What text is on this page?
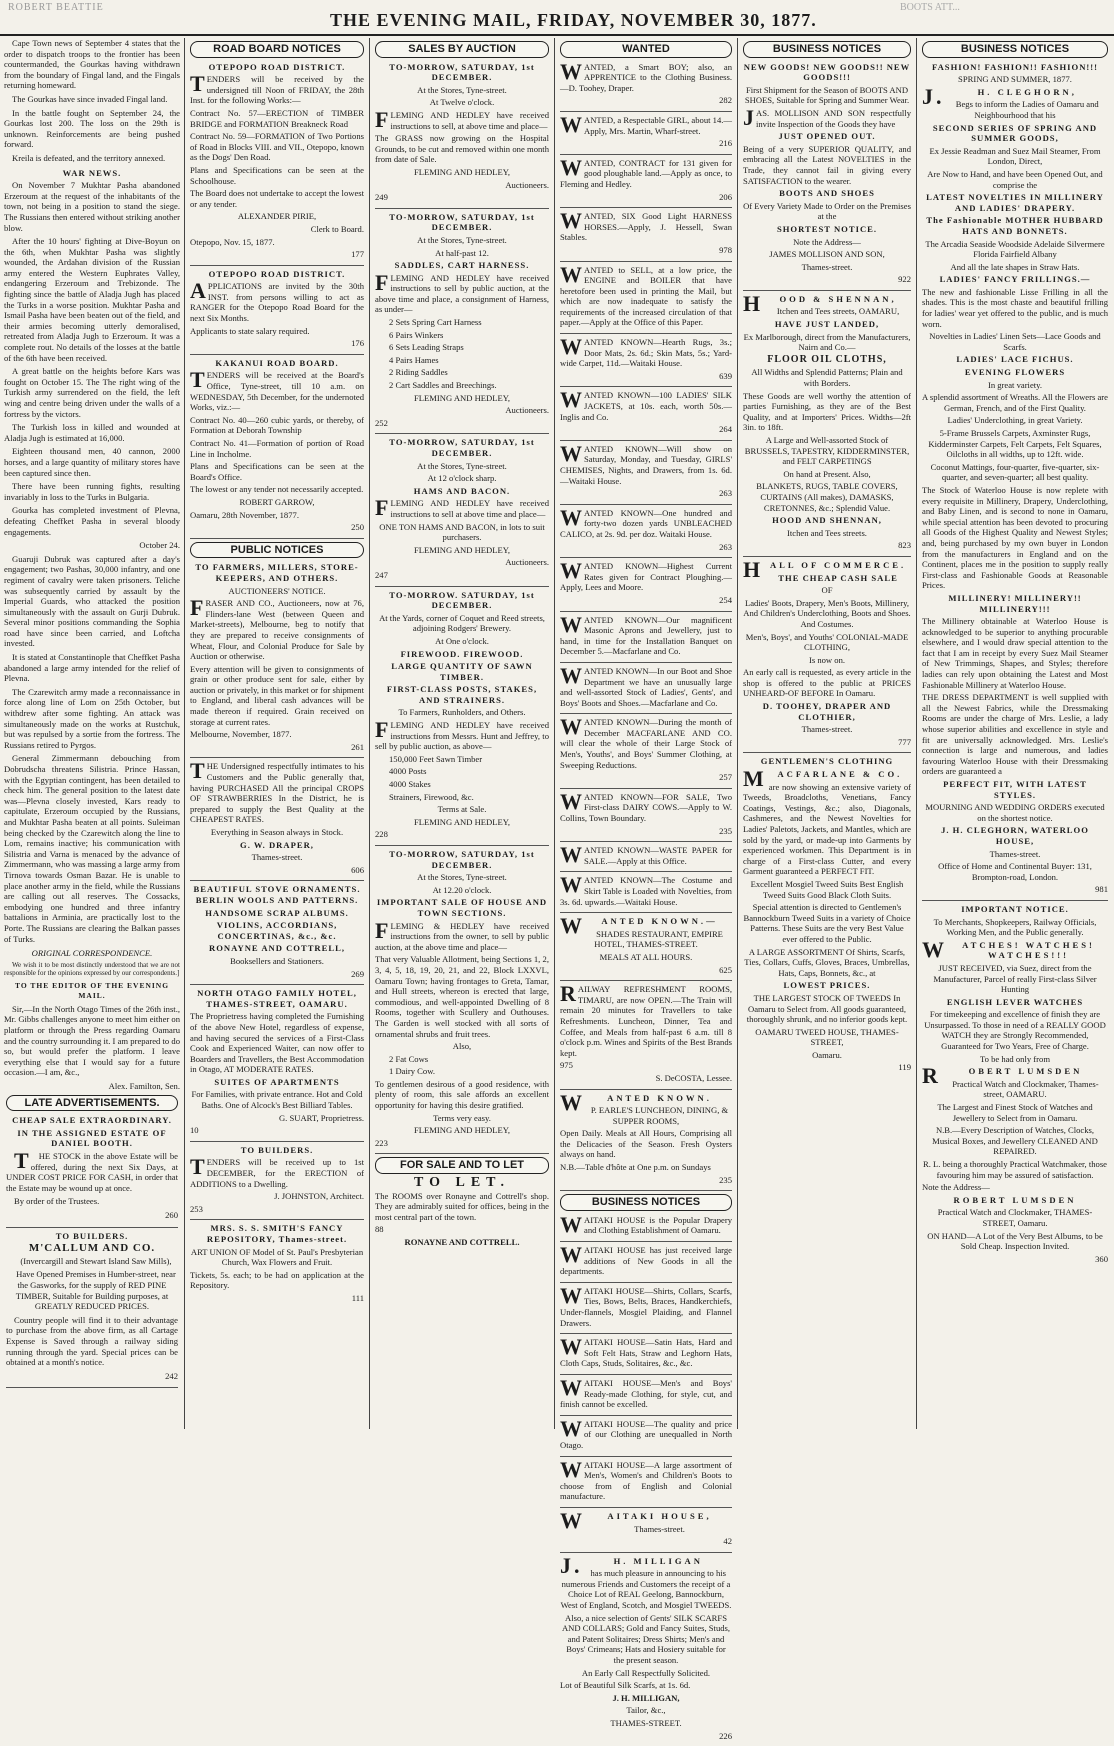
ROBERT BEATTIE
THE EVENING MAIL, FRIDAY, NOVEMBER 30, 1877.
BOOTS ATT...

Cape Town news of September 4 states that the order to dispatch troops to the frontier has been countermanded, the Gourkas having withdrawn from the boundary of Fingal land, and the Fingals returning homeward.

The Gourkas have since invaded Fingal land.

In the battle fought on September 24, the Gourkas lost 200. The loss on the 29th is unknown. Reinforcements are being pushed forward.

Kreila is defeated, and the territory annexed.

WAR NEWS.

On November 7 Mukhtar Pasha abandoned Erzeroum at the request of the inhabitants of the town, not being in a position to stand the siege. The Russians then entered without striking another blow.

After the 10 hours' fighting at Dive-Boyun on the 6th, when Mukhtar Pasha was slightly wounded, the Ardahan division of the Russian army entered the Western Euphrates Valley, endangering Erzeroum and Trebizonde. The fighting since the battle of Aladja Jugh has placed the Turks in a worse position. Mukhtar Pasha and Ismail Pasha have been beaten out of the field, and their armies becoming utterly demoralised, retreated from Aladja Jugh to Erzeroum. It was a complete rout. No details of the losses at the battle of the 6th have been received.

A great battle on the heights before Kars was fought on October 15. The The right wing of the Turkish army surrendered on the field, the left wing and centre being driven under the walls of a fortress by the victors.

The Turkish loss in killed and wounded at Aladja Jugh is estimated at 16,000.

Eighteen thousand men, 40 cannon, 2000 horses, and a large quantity of military stores have been captured since then.

There have been running fights, resulting invariably in loss to the Turks in Bulgaria.

Gourka has completed investment of Plevna, defeating Cheffket Pasha in several bloody engagements.

October 24.

Guaruji Dubruk was captured after a day's engagement; two Pashas, 30,000 infantry, and one regiment of cavalry were taken prisoners. Teliche was subsequently carried by assault by the Imperial Guards, who attacked the position simultaneously with the assault on Gurji Dubruk. Several minor positions commanding the Sophia road have since been carried, and Loftcha invested.

It is stated at Constantinople that Cheffket Pasha abandoned a large army intended for the relief of Plevna.

The Czarewitch army made a reconnaissance in force along line of Lom on 25th October, but withdrew after some fighting. An attack was simultaneously made on the works at Rustchuk, but was repulsed by a sortie from the fortress. The Russians retired to Pyrgos.

General Zimmermann debouching from Dobrudscha threatens Silistria. Prince Hassan, with the Egyptian contingent, has been detailed to check him. The general position to the latest date was—Plevna closely invested, Kars ready to capitulate, Erzeroum occupied by the Russians, and Mukhtar Pasha beaten at all points. Suleiman being checked by the Czarewitch along the line to Lom, remains inactive; his communication with Silistria and Varna is menaced by the advance of Zimmermann, who was massing a large army from Tirnova towards Osman Bazar. He is unable to place another army in the field, while the Russians are calling out all reserves. The Cossacks, embodying one hundred and three infantry battalions in Arminia, are practically lost to the Porte. The Russians are clearing the Balkan passes of Turks.

ORIGINAL CORRESPONDENCE.

We wish it to be most distinctly understood that we are not responsible for the opinions expressed by our correspondents.]

TO THE EDITOR OF THE EVENING MAIL.

Sir,—In the North Otago Times of the 26th inst., Mr. Gibbs challenges anyone to meet him either on platform or through the Press regarding Oamaru and the country surrounding it. I am prepared to do so, but would prefer the platform. I leave everything else that I would say for a future occasion.—I am, &c.,

Alex. Familton, Sen.

LATE ADVERTISEMENTS.
CHEAP SALE EXTRAORDINARY.
IN THE ASSIGNED ESTATE OF DANIEL BOOTH.

THE STOCK in the above Estate will be offered, during the next Six Days, at UNDER COST PRICE FOR CASH, in order that the Estate may be wound up at once.

By order of the Trustees.

260

TO BUILDERS.
M'CALLUM AND CO.

(Invercargill and Stewart Island Saw Mills),

Have Opened Premises in Humber-street, near the Gasworks, for the supply of RED PINE TIMBER, Suitable for Building purposes, at GREATLY REDUCED PRICES.

Country people will find it to their advantage to purchase from the above firm, as all Cartage Expense is Saved through a railway siding running through the yard. Special prices can be obtained at a month's notice.

242

ROAD BOARD NOTICES
OTEPOPO ROAD DISTRICT.

TENDERS will be received by the undersigned till Noon of FRIDAY, the 28th Inst. for the following Works:—

Contract No. 57—ERECTION of TIMBER BRIDGE and FORMATION Breakneck Road

Contract No. 59—FORMATION of Two Portions of Road in Blocks VIII. and VII., Otepopo, known as the Dogs' Den Road.

Plans and Specifications can be seen at the Schoolhouse.

The Board does not undertake to accept the lowest or any tender.

ALEXANDER PIRIE,

Clerk to Board.

Otepopo, Nov. 15, 1877.

177

OTEPOPO ROAD DISTRICT.

APPLICATIONS are invited by the 30th INST. from persons willing to act as RANGER for the Otepopo Road Board for the next Six Months.

Applicants to state salary required.

176

KAKANUI ROAD BOARD.

TENDERS will be received at the Board's Office, Tyne-street, till 10 a.m. on WEDNESDAY, 5th December, for the undernoted Works, viz.:—

Contract No. 40—260 cubic yards, or thereby, of Formation at Deborah Township

Contract No. 41—Formation of portion of Road Line in Incholme.

Plans and Specifications can be seen at the Board's Office.

The lowest or any tender not necessarily accepted.

ROBERT GARROW,

Oamaru, 28th November, 1877.

250

PUBLIC NOTICES
TO FARMERS, MILLERS, STORE-KEEPERS, AND OTHERS.

AUCTIONEERS' NOTICE.

FRASER AND CO., Auctioneers, now at 76, Flinders-lane West (between Queen and Market-streets), Melbourne, beg to notify that they are prepared to receive consignments of Wheat, Flour, and Colonial Produce for Sale by Auction or otherwise.

Every attention will be given to consignments of grain or other produce sent for sale, either by auction or privately, in this market or for shipment to England, and liberal cash advances will be made thereon if required. Grain received on storage at current rates.

Melbourne, November, 1877.

261

THE Undersigned respectfully intimates to his Customers and the Public generally that, having PURCHASED All the principal CROPS OF STRAWBERRIES In the District, he is prepared to supply the Best Quality at the CHEAPEST RATES.

Everything in Season always in Stock.

G. W. DRAPER,

Thames-street.

606

BEAUTIFUL STOVE ORNAMENTS. BERLIN WOOLS AND PATTERNS.
HANDSOME SCRAP ALBUMS.
VIOLINS, ACCORDIANS, CONCERTINAS, &c., &c.
RONAYNE AND COTTRELL,

Booksellers and Stationers.

269

NORTH OTAGO FAMILY HOTEL, THAMES-STREET, OAMARU.

The Proprietress having completed the Furnishing of the above New Hotel, regardless of expense, and having secured the services of a First-Class Cook and Experienced Waiter, can now offer to Boarders and Travellers, the Best Accommodation in Otago, AT MODERATE RATES.

SUITES OF APARTMENTS

For Families, with private entrance. Hot and Cold Baths. One of Alcock's Best Billiard Tables.

G. SUART, Proprietress.

10

TO BUILDERS.

TENDERS will be received up to 1st DECEMBER, for the ERECTION of ADDITIONS to a Dwelling.

J. JOHNSTON, Architect.

253

MRS. S. S. SMITH'S FANCY REPOSITORY, Thames-street.

ART UNION OF Model of St. Paul's Presbyterian Church, Wax Flowers and Fruit.

Tickets, 5s. each; to be had on application at the Repository.

111

SALES BY AUCTION
TO-MORROW, SATURDAY, 1st DECEMBER.

At the Stores, Tyne-street.

At Twelve o'clock.

FLEMING AND HEDLEY have received instructions to sell, at above time and place—

The GRASS now growing on the Hospital Grounds, to be cut and removed within one month from date of Sale.

FLEMING AND HEDLEY,

Auctioneers.

249

TO-MORROW, SATURDAY, 1st DECEMBER.

At the Stores, Tyne-street.

At half-past 12.

SADDLES, CART HARNESS.

FLEMING AND HEDLEY have received instructions to sell by public auction, at the above time and place, a consignment of Harness, as under—

2 Sets Spring Cart Harness

6 Pairs Winkers

6 Sets Leading Straps

4 Pairs Hames

2 Riding Saddles

2 Cart Saddles and Breechings.

FLEMING AND HEDLEY,

Auctioneers.

252

TO-MORROW, SATURDAY, 1st DECEMBER.

At the Stores, Tyne-street.

At 12 o'clock sharp.

HAMS AND BACON.

FLEMING AND HEDLEY have received instructions to sell at above time and place—

ONE TON HAMS AND BACON, in lots to suit purchasers.

FLEMING AND HEDLEY,

Auctioneers.

247

TO-MORROW. SATURDAY, 1st DECEMBER.

At the Yards, corner of Coquet and Reed streets, adjoining Rodgers' Brewery.

At One o'clock.

FIREWOOD. FIREWOOD.
LARGE QUANTITY OF SAWN TIMBER.
FIRST-CLASS POSTS, STAKES, AND STRAINERS.

To Farmers, Runholders, and Others.

FLEMING AND HEDLEY have received instructions from Messrs. Hunt and Jeffrey, to sell by public auction, as above—

150,000 Feet Sawn Timber

4000 Posts

4000 Stakes

Strainers, Firewood, &c.

Terms at Sale.

FLEMING AND HEDLEY,

228

TO-MORROW, SATURDAY, 1st DECEMBER.

At the Stores, Tyne-street.

At 12.20 o'clock.

IMPORTANT SALE OF HOUSE AND TOWN SECTIONS.

FLEMING & HEDLEY have received instructions from the owner, to sell by public auction, at the above time and place—

That very Valuable Allotment, being Sections 1, 2, 3, 4, 5, 18, 19, 20, 21, and 22, Block LXXVL, Oamaru Town; having frontages to Greta, Tamar, and Hull streets, whereon is erected that large, commodious, and well-appointed Dwelling of 8 Rooms, together with Scullery and Outhouses. The Garden is well stocked with all sorts of ornamental shrubs and fruit trees.

Also,

2 Fat Cows

1 Dairy Cow.

To gentlemen desirous of a good residence, with plenty of room, this sale affords an excellent opportunity for having this desire gratified.

Terms very easy.

FLEMING AND HEDLEY,

223

FOR SALE AND TO LET
TO LET.

The ROOMS over Ronayne and Cottrell's shop. They are admirably suited for offices, being in the most central part of the town.

88

RONAYNE AND COTTRELL.

WANTED

WANTED, a Smart BOY; also, an APPRENTICE to the Clothing Business.—D. Toohey, Draper.

282

WANTED, a Respectable GIRL, about 14.—Apply, Mrs. Martin, Wharf-street.

216

WANTED, CONTRACT for 131 given for good ploughable land.—Apply as once, to Fleming and Hedley.

206

WANTED, SIX Good Light HARNESS HORSES.—Apply, J. Hessell, Swan Stables.

978

WANTED to SELL, at a low price, the ENGINE and BOILER that have heretofore been used in printing the Mail, but which are now inadequate to satisfy the requirements of the increased circulation of that paper.—Apply at the Office of this Paper.

WANTED KNOWN—Hearth Rugs, 3s.; Door Mats, 2s. 6d.; Skin Mats, 5s.; Yard-wide Carpet, 11d.—Waitaki House.

639

WANTED KNOWN—100 LADIES' SILK JACKETS, at 10s. each, worth 50s.—Inglis and Co.

264

WANTED KNOWN—Will show on Saturday, Monday, and Tuesday, GIRLS' CHEMISES, Nights, and Drawers, from 1s. 6d.—Waitaki House.

263

WANTED KNOWN—One hundred and forty-two dozen yards UNBLEACHED CALICO, at 2s. 9d. per doz. Waitaki House.

263

WANTED KNOWN—Highest Current Rates given for Contract Ploughing.—Apply, Lees and Moore.

254

WANTED KNOWN—Our magnificent Masonic Aprons and Jewellery, just to hand, in time for the Installation Banquet on December 5.—Macfarlane and Co.

WANTED KNOWN—In our Boot and Shoe Department we have an unusually large and well-assorted Stock of Ladies', Gents', and Boys' Boots and Shoes.—Macfarlane and Co.

WANTED KNOWN—During the month of December MACFARLANE AND CO. will clear the whole of their Large Stock of Men's, Youths', and Boys' Summer Clothing, at Sweeping Reductions.

257

WANTED KNOWN—FOR SALE, Two First-class DAIRY COWS.—Apply to W. Collins, Town Boundary.

235

WANTED KNOWN—WASTE PAPER for SALE.—Apply at this Office.

WANTED KNOWN—The Costume and Skirt Table is Loaded with Novelties, from 3s. 6d. upwards.—Waitaki House.

WANTED KNOWN.—

SHADES RESTAURANT, EMPIRE HOTEL, THAMES-STREET.

MEALS AT ALL HOURS.

625

RAILWAY REFRESHMENT ROOMS, TIMARU, are now OPEN.—The Train will remain 20 minutes for Travellers to take Refreshments. Luncheon, Dinner, Tea and Coffee, and Meals from half-past 6 a.m. till 8 o'clock p.m. Wines and Spirits of the Best Brands kept.

975

S. DeCOSTA, Lessee.

WANTED KNOWN.

P. EARLE'S LUNCHEON, DINING, & SUPPER ROOMS,

Open Daily. Meals at All Hours, Comprising all the Delicacies of the Season. Fresh Oysters always on hand.

N.B.—Table d'hôte at One p.m. on Sundays

235

BUSINESS NOTICES

WAITAKI HOUSE is the Popular Drapery and Clothing Establishment of Oamaru.

WAITAKI HOUSE has just received large additions of New Goods in all the departments.

WAITAKI HOUSE—Shirts, Collars, Scarfs, Ties, Bows, Belts, Braces, Handkerchiefs, Under-flannels, Mosgiel Plaiding, and Flannel Drawers.

WAITAKI HOUSE—Satin Hats, Hard and Soft Felt Hats, Straw and Leghorn Hats, Cloth Caps, Studs, Solitaires, &c., &c.

WAITAKI HOUSE—Men's and Boys' Ready-made Clothing, for style, cut, and finish cannot be excelled.

WAITAKI HOUSE—The quality and price of our Clothing are unequalled in North Otago.

WAITAKI HOUSE—A large assortment of Men's, Women's and Children's Boots to choose from of English and Colonial manufacture.

WAITAKI HOUSE,

Thames-street.

42

J.H. MILLIGAN

has much pleasure in announcing to his numerous Friends and Customers the receipt of a Choice Lot of REAL Geelong, Bannockburn, West of England, Scotch, and Mosgiel TWEEDS.

Also, a nice selection of Gents' SILK SCARFS AND COLLARS; Gold and Fancy Suites, Studs, and Patent Solitaires; Dress Shirts; Men's and Boys' Crimeans; Hats and Hosiery suitable for the present season.

An Early Call Respectfully Solicited.

Lot of Beautiful Silk Scarfs, at 1s. 6d.

J. H. MILLIGAN,

Tailor, &c.,

THAMES-STREET.

226

BUSINESS NOTICES
NEW GOODS! NEW GOODS!! NEW GOODS!!!

First Shipment for the Season of BOOTS AND SHOES, Suitable for Spring and Summer Wear.

JAS. MOLLISON AND SON respectfully invite Inspection of the Goods they have

JUST OPENED OUT.

Being of a very SUPERIOR QUALITY, and embracing all the Latest NOVELTIES in the Trade, they cannot fail in giving every SATISFACTION to the wearer.

BOOTS AND SHOES

Of Every Variety Made to Order on the Premises at the

SHORTEST NOTICE.

Note the Address—

JAMES MOLLISON AND SON,

Thames-street.

922

HOOD & SHENNAN,

Itchen and Tees streets, OAMARU,

HAVE JUST LANDED,

Ex Marlborough, direct from the Manufacturers, Nairn and Co.—

FLOOR OIL CLOTHS,

All Widths and Splendid Patterns; Plain and with Borders.

These Goods are well worthy the attention of parties Furnishing, as they are of the Best Quality, and at Importers' Prices. Widths—2ft 3in. to 18ft.

A Large and Well-assorted Stock of BRUSSELS, TAPESTRY, KIDDERMINSTER, and FELT CARPETINGS

On hand at Present. Also,

BLANKETS, RUGS, TABLE COVERS, CURTAINS (All makes), DAMASKS, CRETONNES, &c.; Splendid Value.

HOOD AND SHENNAN,

Itchen and Tees streets.

823

HALL OF COMMERCE.

THE CHEAP CASH SALE

OF

Ladies' Boots, Drapery, Men's Boots, Millinery, And Children's Underclothing, Boots and Shoes. And Costumes.

Men's, Boys', and Youths' COLONIAL-MADE CLOTHING,

Is now on.

An early call is requested, as every article in the shop is offered to the public at PRICES UNHEARD-OF BEFORE In Oamaru.

D. TOOHEY, DRAPER AND CLOTHIER,

Thames-street.

777

GENTLEMEN'S CLOTHING

MACFARLANE & CO.

are now showing an extensive variety of Tweeds, Broadcloths, Venetians, Fancy Coatings, Vestings, &c.; also, Diagonals, Cashmeres, and the Newest Novelties for Ladies' Paletots, Jackets, and Mantles, which are sold by the yard, or made-up into Garments by experienced workmen. This Department is in charge of a First-class Cutter, and every Garment guaranteed a PERFECT FIT.

Excellent Mosgiel Tweed Suits Best English Tweed Suits Good Black Cloth Suits.

Special attention is directed to Gentlemen's Bannockburn Tweed Suits in a variety of Choice Patterns. These Suits are the very Best Value ever offered to the Public.

A LARGE ASSORTMENT Of Shirts, Scarfs, Ties, Collars, Cuffs, Gloves, Braces, Umbrellas, Hats, Caps, Bonnets, &c., at

LOWEST PRICES.

THE LARGEST STOCK OF TWEEDS In Oamaru to Select from. All goods guaranteed, thoroughly shrunk, and no inferior goods kept.

OAMARU TWEED HOUSE, THAMES-STREET,

Oamaru.

119

BUSINESS NOTICES
FASHION! FASHION!! FASHION!!!

SPRING AND SUMMER, 1877.

J.H. CLEGHORN,

Begs to inform the Ladies of Oamaru and Neighbourhood that his

SECOND SERIES OF SPRING AND SUMMER GOODS,

Ex Jessie Readman and Suez Mail Steamer, From London, Direct,

Are Now to Hand, and have been Opened Out, and comprise the

LATEST NOVELTIES IN MILLINERY AND LADIES' DRAPERY.
The Fashionable MOTHER HUBBARD HATS AND BONNETS.

The Arcadia Seaside Woodside Adelaide Silvermere Florida Fairfield Albany

And all the late shapes in Straw Hats.

LADIES' FANCY FRILLINGS.—

The new and fashionable Lisse Frilling in all the shades. This is the most chaste and beautiful frilling for ladies' wear yet offered to the public, and is much worn.

Novelties in Ladies' Linen Sets—Lace Goods and Scarfs.

LADIES' LACE FICHUS.
EVENING FLOWERS

In great variety.

A splendid assortment of Wreaths. All the Flowers are German, French, and of the First Quality.

Ladies' Underclothing, in great Variety.

5-Frame Brussels Carpets, Axminster Rugs, Kidderminster Carpets, Felt Carpets, Felt Squares, Oilcloths in all widths, up to 12ft. wide.

Coconut Mattings, four-quarter, five-quarter, six-quarter, and seven-quarter; all best quality.

The Stock of Waterloo House is now replete with every requisite in Millinery, Drapery, Underclothing, and Baby Linen, and is second to none in Oamaru, while special attention has been devoted to procuring all Goods of the Highest Quality and Newest Styles; and, being purchased by my own buyer in London from the manufacturers in England and on the Continent, places me in the position to supply really First-class and Fashionable Goods at Reasonable Prices.

MILLINERY! MILLINERY!! MILLINERY!!!

The Millinery obtainable at Waterloo House is acknowledged to be superior to anything procurable elsewhere, and I would draw special attention to the fact that I am in receipt by every Suez Mail Steamer of New Trimmings, Shapes, and Styles; therefore ladies can rely upon obtaining the Latest and Most Fashionable Millinery at Waterloo House.

THE DRESS DEPARTMENT is well supplied with all the Newest Fabrics, while the Dressmaking Rooms are under the charge of Mrs. Leslie, a lady whose superior abilities and excellence in style and fit are universally acknowledged. Mrs. Leslie's connection is large and numerous, and ladies favouring Waterloo House with their Dressmaking orders are guaranteed a

PERFECT FIT, WITH LATEST STYLES.

MOURNING AND WEDDING ORDERS executed on the shortest notice.

J. H. CLEGHORN, WATERLOO HOUSE,

Thames-street.

Office of Home and Continental Buyer: 131, Brompton-road, London.

981

IMPORTANT NOTICE.

To Merchants, Shopkeepers, Railway Officials, Working Men, and the Public generally.

WATCHES! WATCHES! WATCHES!!!

JUST RECEIVED, via Suez, direct from the Manufacturer, Parcel of really First-class Silver Hunting

ENGLISH LEVER WATCHES

For timekeeping and excellence of finish they are Unsurpassed. To those in need of a REALLY GOOD WATCH they are Strongly Recommended, Guaranteed for Two Years, Free of Charge.

To be had only from

ROBERT LUMSDEN

Practical Watch and Clockmaker, Thames-street, OAMARU.

The Largest and Finest Stock of Watches and Jewellery to Select from in Oamaru.

N.B.—Every Description of Watches, Clocks, Musical Boxes, and Jewellery CLEANED AND REPAIRED.

R. L. being a thoroughly Practical Watchmaker, those favouring him may be assured of satisfaction.

Note the Address—

ROBERT LUMSDEN

Practical Watch and Clockmaker, THAMES-STREET, Oamaru.

ON HAND—A Lot of the Very Best Albums, to be Sold Cheap. Inspection Invited.

360
